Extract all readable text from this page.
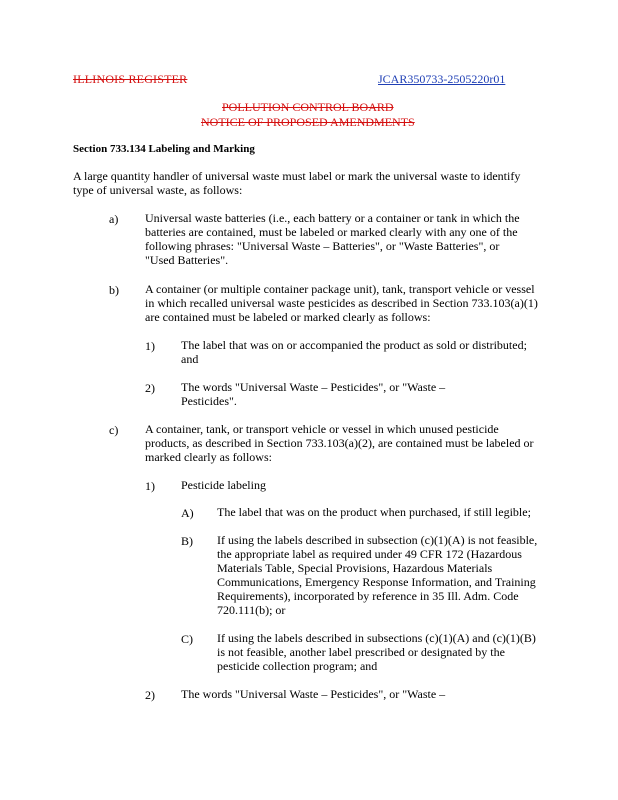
ILLINOIS REGISTER	JCAR350733-2505220r01
POLLUTION CONTROL BOARD
NOTICE OF PROPOSED AMENDMENTS
Section 733.134 Labeling and Marking
A large quantity handler of universal waste must label or mark the universal waste to identify
type of universal waste, as follows:
a) Universal waste batteries (i.e., each battery or a container or tank in which the
batteries are contained, must be labeled or marked clearly with any one of the
following phrases: "Universal Waste – Batteries", or "Waste Batteries", or
"Used Batteries".
b) A container (or multiple container package unit), tank, transport vehicle or vessel
in which recalled universal waste pesticides as described in Section 733.103(a)(1)
are contained must be labeled or marked clearly as follows:
1) The label that was on or accompanied the product as sold or distributed;
and
2) The words "Universal Waste – Pesticides", or "Waste –
Pesticides".
c) A container, tank, or transport vehicle or vessel in which unused pesticide
products, as described in Section 733.103(a)(2), are contained must be labeled or
marked clearly as follows:
1) Pesticide labeling
A) The label that was on the product when purchased, if still legible;
B) If using the labels described in subsection (c)(1)(A) is not feasible,
the appropriate label as required under 49 CFR 172 (Hazardous
Materials Table, Special Provisions, Hazardous Materials
Communications, Emergency Response Information, and Training
Requirements), incorporated by reference in 35 Ill. Adm. Code
720.111(b); or
C) If using the labels described in subsections (c)(1)(A) and (c)(1)(B)
is not feasible, another label prescribed or designated by the
pesticide collection program; and
2) The words "Universal Waste – Pesticides", or "Waste –
